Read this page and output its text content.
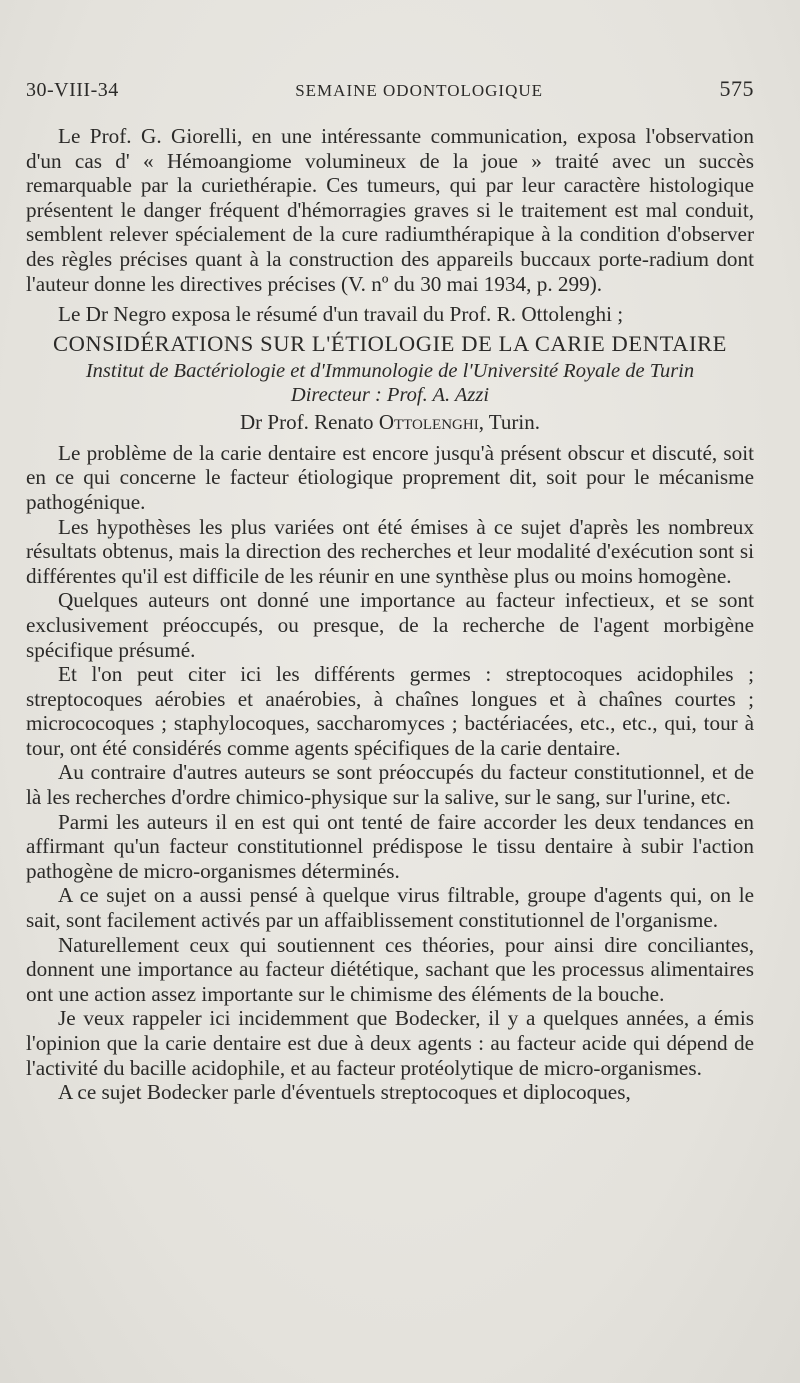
30-VIII-34	SEMAINE ODONTOLOGIQUE	575

Le Prof. G. Giorelli, en une intéressante communication, exposa l'observation d'un cas d' « Hémoangiome volumineux de la joue » traité avec un succès remarquable par la curiethérapie. Ces tumeurs, qui par leur caractère histologique présentent le danger fréquent d'hémorragies graves si le traitement est mal conduit, semblent relever spécialement de la cure radiumthérapique à la condition d'observer des règles précises quant à la construction des appareils buccaux porte-radium dont l'auteur donne les directives précises (V. nº du 30 mai 1934, p. 299).

Le Dr Negro exposa le résumé d'un travail du Prof. R. Ottolenghi ;

CONSIDÉRATIONS SUR L'ÉTIOLOGIE DE LA CARIE DENTAIRE
Institut de Bactériologie et d'Immunologie de l'Université Royale de Turin
Directeur : Prof. A. Azzi
Dr Prof. Renato Ottolenghi, Turin.

Le problème de la carie dentaire est encore jusqu'à présent obscur et discuté, soit en ce qui concerne le facteur étiologique proprement dit, soit pour le mécanisme pathogénique.

Les hypothèses les plus variées ont été émises à ce sujet d'après les nombreux résultats obtenus, mais la direction des recherches et leur modalité d'exécution sont si différentes qu'il est difficile de les réunir en une synthèse plus ou moins homogène.

Quelques auteurs ont donné une importance au facteur infectieux, et se sont exclusivement préoccupés, ou presque, de la recherche de l'agent morbigène spécifique présumé.

Et l'on peut citer ici les différents germes : streptocoques acidophiles ; streptocoques aérobies et anaérobies, à chaînes longues et à chaînes courtes ; micrococoques ; staphylocoques, saccharomyces ; bactériacées, etc., etc., qui, tour à tour, ont été considérés comme agents spécifiques de la carie dentaire.

Au contraire d'autres auteurs se sont préoccupés du facteur constitutionnel, et de là les recherches d'ordre chimico-physique sur la salive, sur le sang, sur l'urine, etc.

Parmi les auteurs il en est qui ont tenté de faire accorder les deux tendances en affirmant qu'un facteur constitutionnel prédispose le tissu dentaire à subir l'action pathogène de micro-organismes déterminés.

A ce sujet on a aussi pensé à quelque virus filtrable, groupe d'agents qui, on le sait, sont facilement activés par un affaiblissement constitutionnel de l'organisme.

Naturellement ceux qui soutiennent ces théories, pour ainsi dire conciliantes, donnent une importance au facteur diététique, sachant que les processus alimentaires ont une action assez importante sur le chimisme des éléments de la bouche.

Je veux rappeler ici incidemment que Bodecker, il y a quelques années, a émis l'opinion que la carie dentaire est due à deux agents : au facteur acide qui dépend de l'activité du bacille acidophile, et au facteur protéolytique de micro-organismes.

A ce sujet Bodecker parle d'éventuels streptocoques et diplocoques,
